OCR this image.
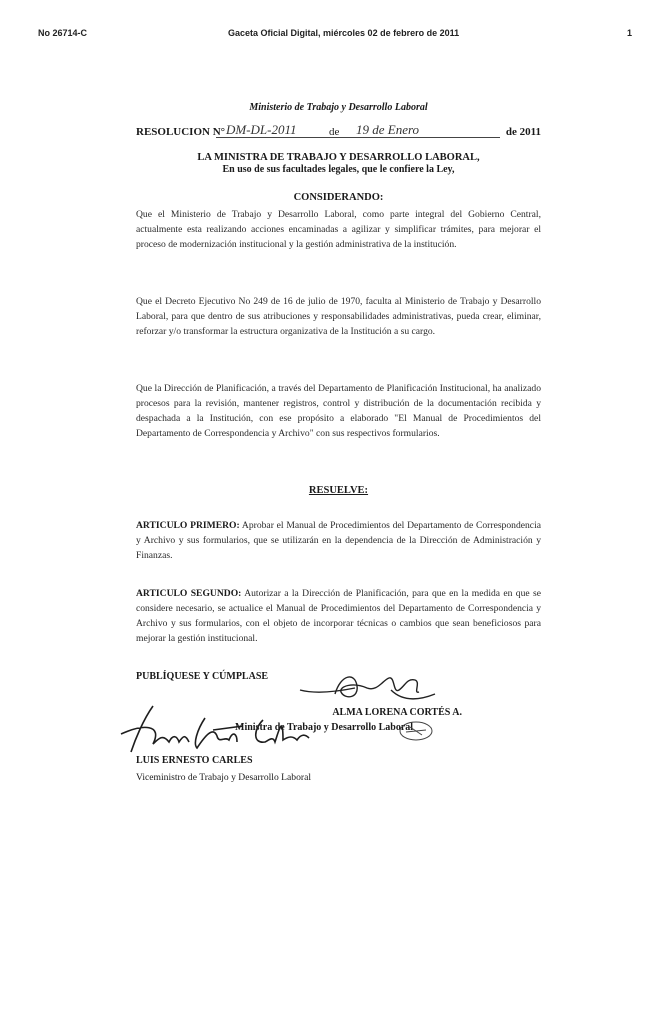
No 26714-C	Gaceta Oficial Digital, miércoles 02 de febrero de 2011	1
Ministerio de Trabajo y Desarrollo Laboral
RESOLUCION N° DM-DL-2011	de 19 de Enero	de 2011
LA MINISTRA DE TRABAJO Y DESARROLLO LABORAL,
En uso de sus facultades legales, que le confiere la Ley,
CONSIDERANDO:
Que el Ministerio de Trabajo y Desarrollo Laboral, como parte integral del Gobierno Central, actualmente esta realizando acciones encaminadas a agilizar y simplificar trámites, para mejorar el proceso de modernización institucional y la gestión administrativa de la institución.
Que el Decreto Ejecutivo No 249 de 16 de julio de 1970, faculta al Ministerio de Trabajo y Desarrollo Laboral, para que dentro de sus atribuciones y responsabilidades administrativas, pueda crear, eliminar, reforzar y/o transformar la estructura organizativa de la Institución a su cargo.
Que la Dirección de Planificación, a través del Departamento de Planificación Institucional, ha analizado procesos para la revisión, mantener registros, control y distribución de la documentación recibida y despachada a la Institución, con ese propósito a elaborado "El Manual de Procedimientos del Departamento de Correspondencia y Archivo" con sus respectivos formularios.
RESUELVE:
ARTICULO PRIMERO: Aprobar el Manual de Procedimientos del Departamento de Correspondencia y Archivo y sus formularios, que se utilizarán en la dependencia de la Dirección de Administración y Finanzas.
ARTICULO SEGUNDO: Autorizar a la Dirección de Planificación, para que en la medida en que se considere necesario, se actualice el Manual de Procedimientos del Departamento de Correspondencia y Archivo y sus formularios, con el objeto de incorporar técnicas o cambios que sean beneficiosos para mejorar la gestión institucional.
PUBLÍQUESE Y CÚMPLASE
ALMA LORENA CORTÉS A.
Ministra de Trabajo y Desarrollo Laboral
LUIS ERNESTO CARLES
Viceministro de Trabajo y Desarrollo Laboral
